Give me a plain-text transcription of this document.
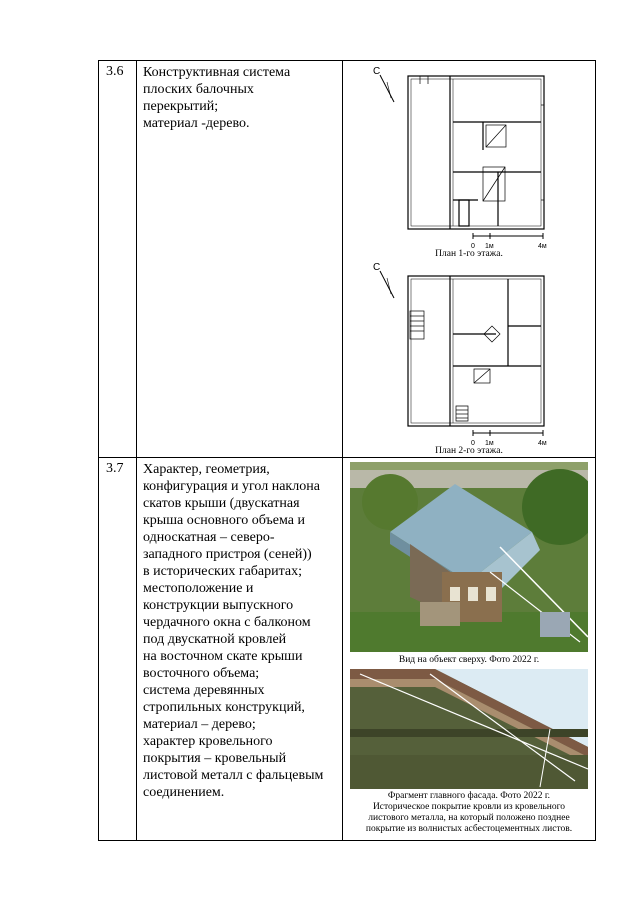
3.6 Конструктивная система
плоских балочных
перекрытий;
материал -дерево.
С
0 1м	4м
План 1-го этажа.
С
0 1м	4м
План 2-го этажа.
3.7 Характер, геометрия,
конфигурация и угол наклона
скатов крыши (двускатная
крыша основного объема и
односкатная – северо-
западного пристроя (сеней))
в исторических габаритах;
местоположение и
конструкции выпускного
чердачного окна с балконом
под двускатной кровлей
на восточном скате крыши
восточного объема;
система деревянных
стропильных конструкций,
материал – дерево;
характер кровельного
покрытия – кровельный
листовой металл с фальцевым
соединением.
Вид на объект сверху. Фото 2022 г.
Фрагмент главного фасада. Фото 2022 г.
Историческое покрытие кровли из кровельного
листового металла, на который положено позднее
покрытие из волнистых асбестоцементных листов.
